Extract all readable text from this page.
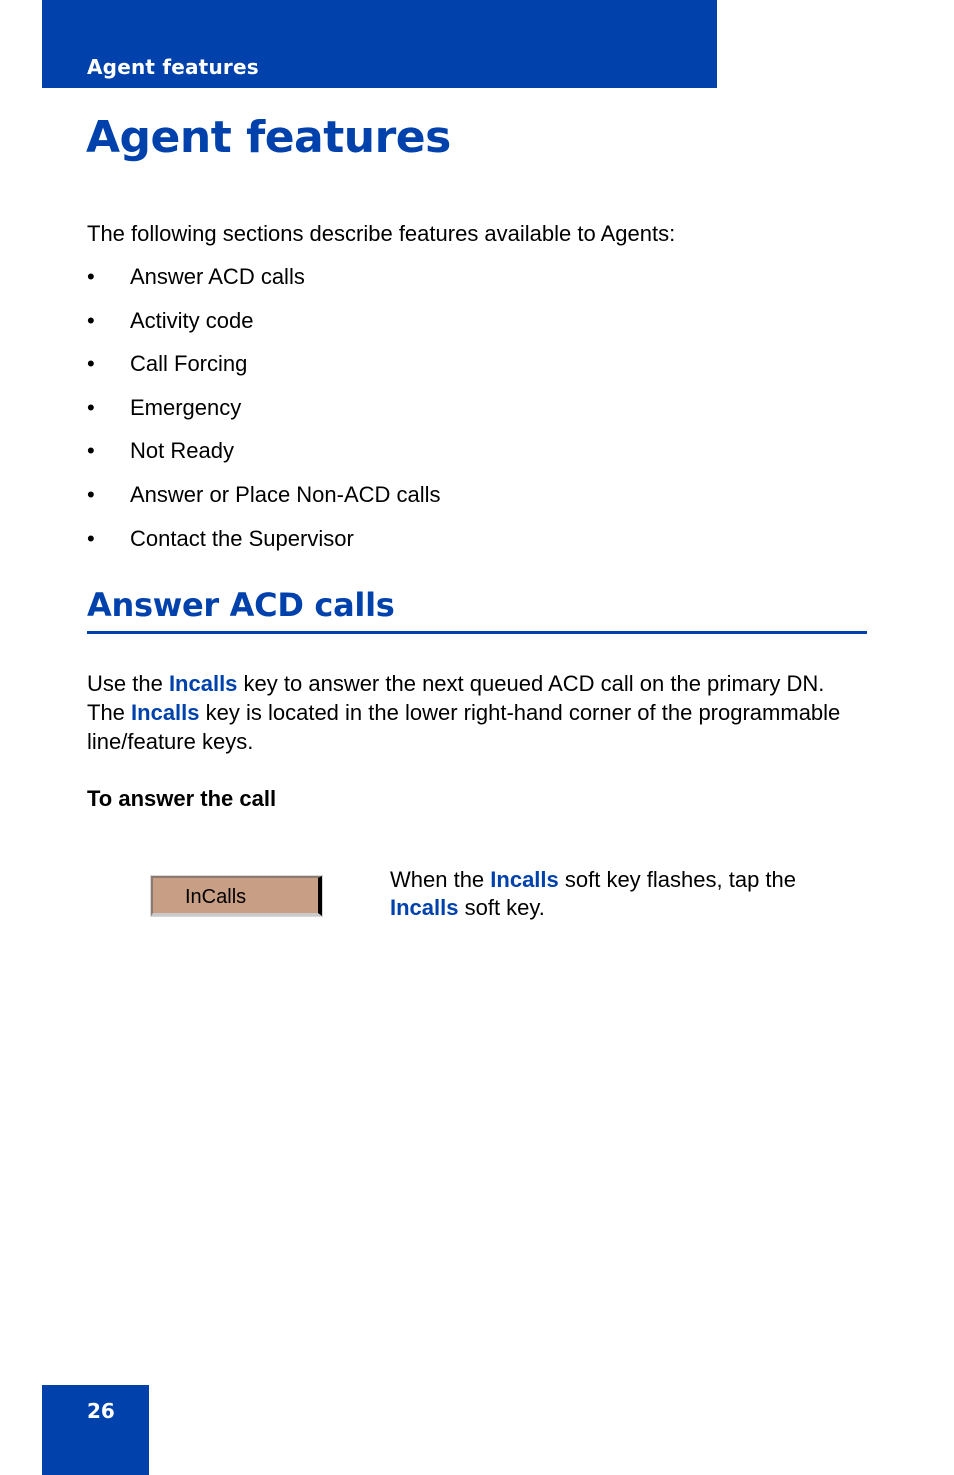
Agent features
Agent features

The following sections describe features available to Agents:

•	Answer ACD calls
•	Activity code
•	Call Forcing
•	Emergency
•	Not Ready
•	Answer or Place Non-ACD calls
•	Contact the Supervisor
Answer ACD calls

Use the Incalls key to answer the next queued ACD call on the primary DN. The Incalls key is located in the lower right-hand corner of the programmable line/feature keys.

To answer the call
InCalls

When the Incalls soft key flashes, tap the Incalls soft key.

26
